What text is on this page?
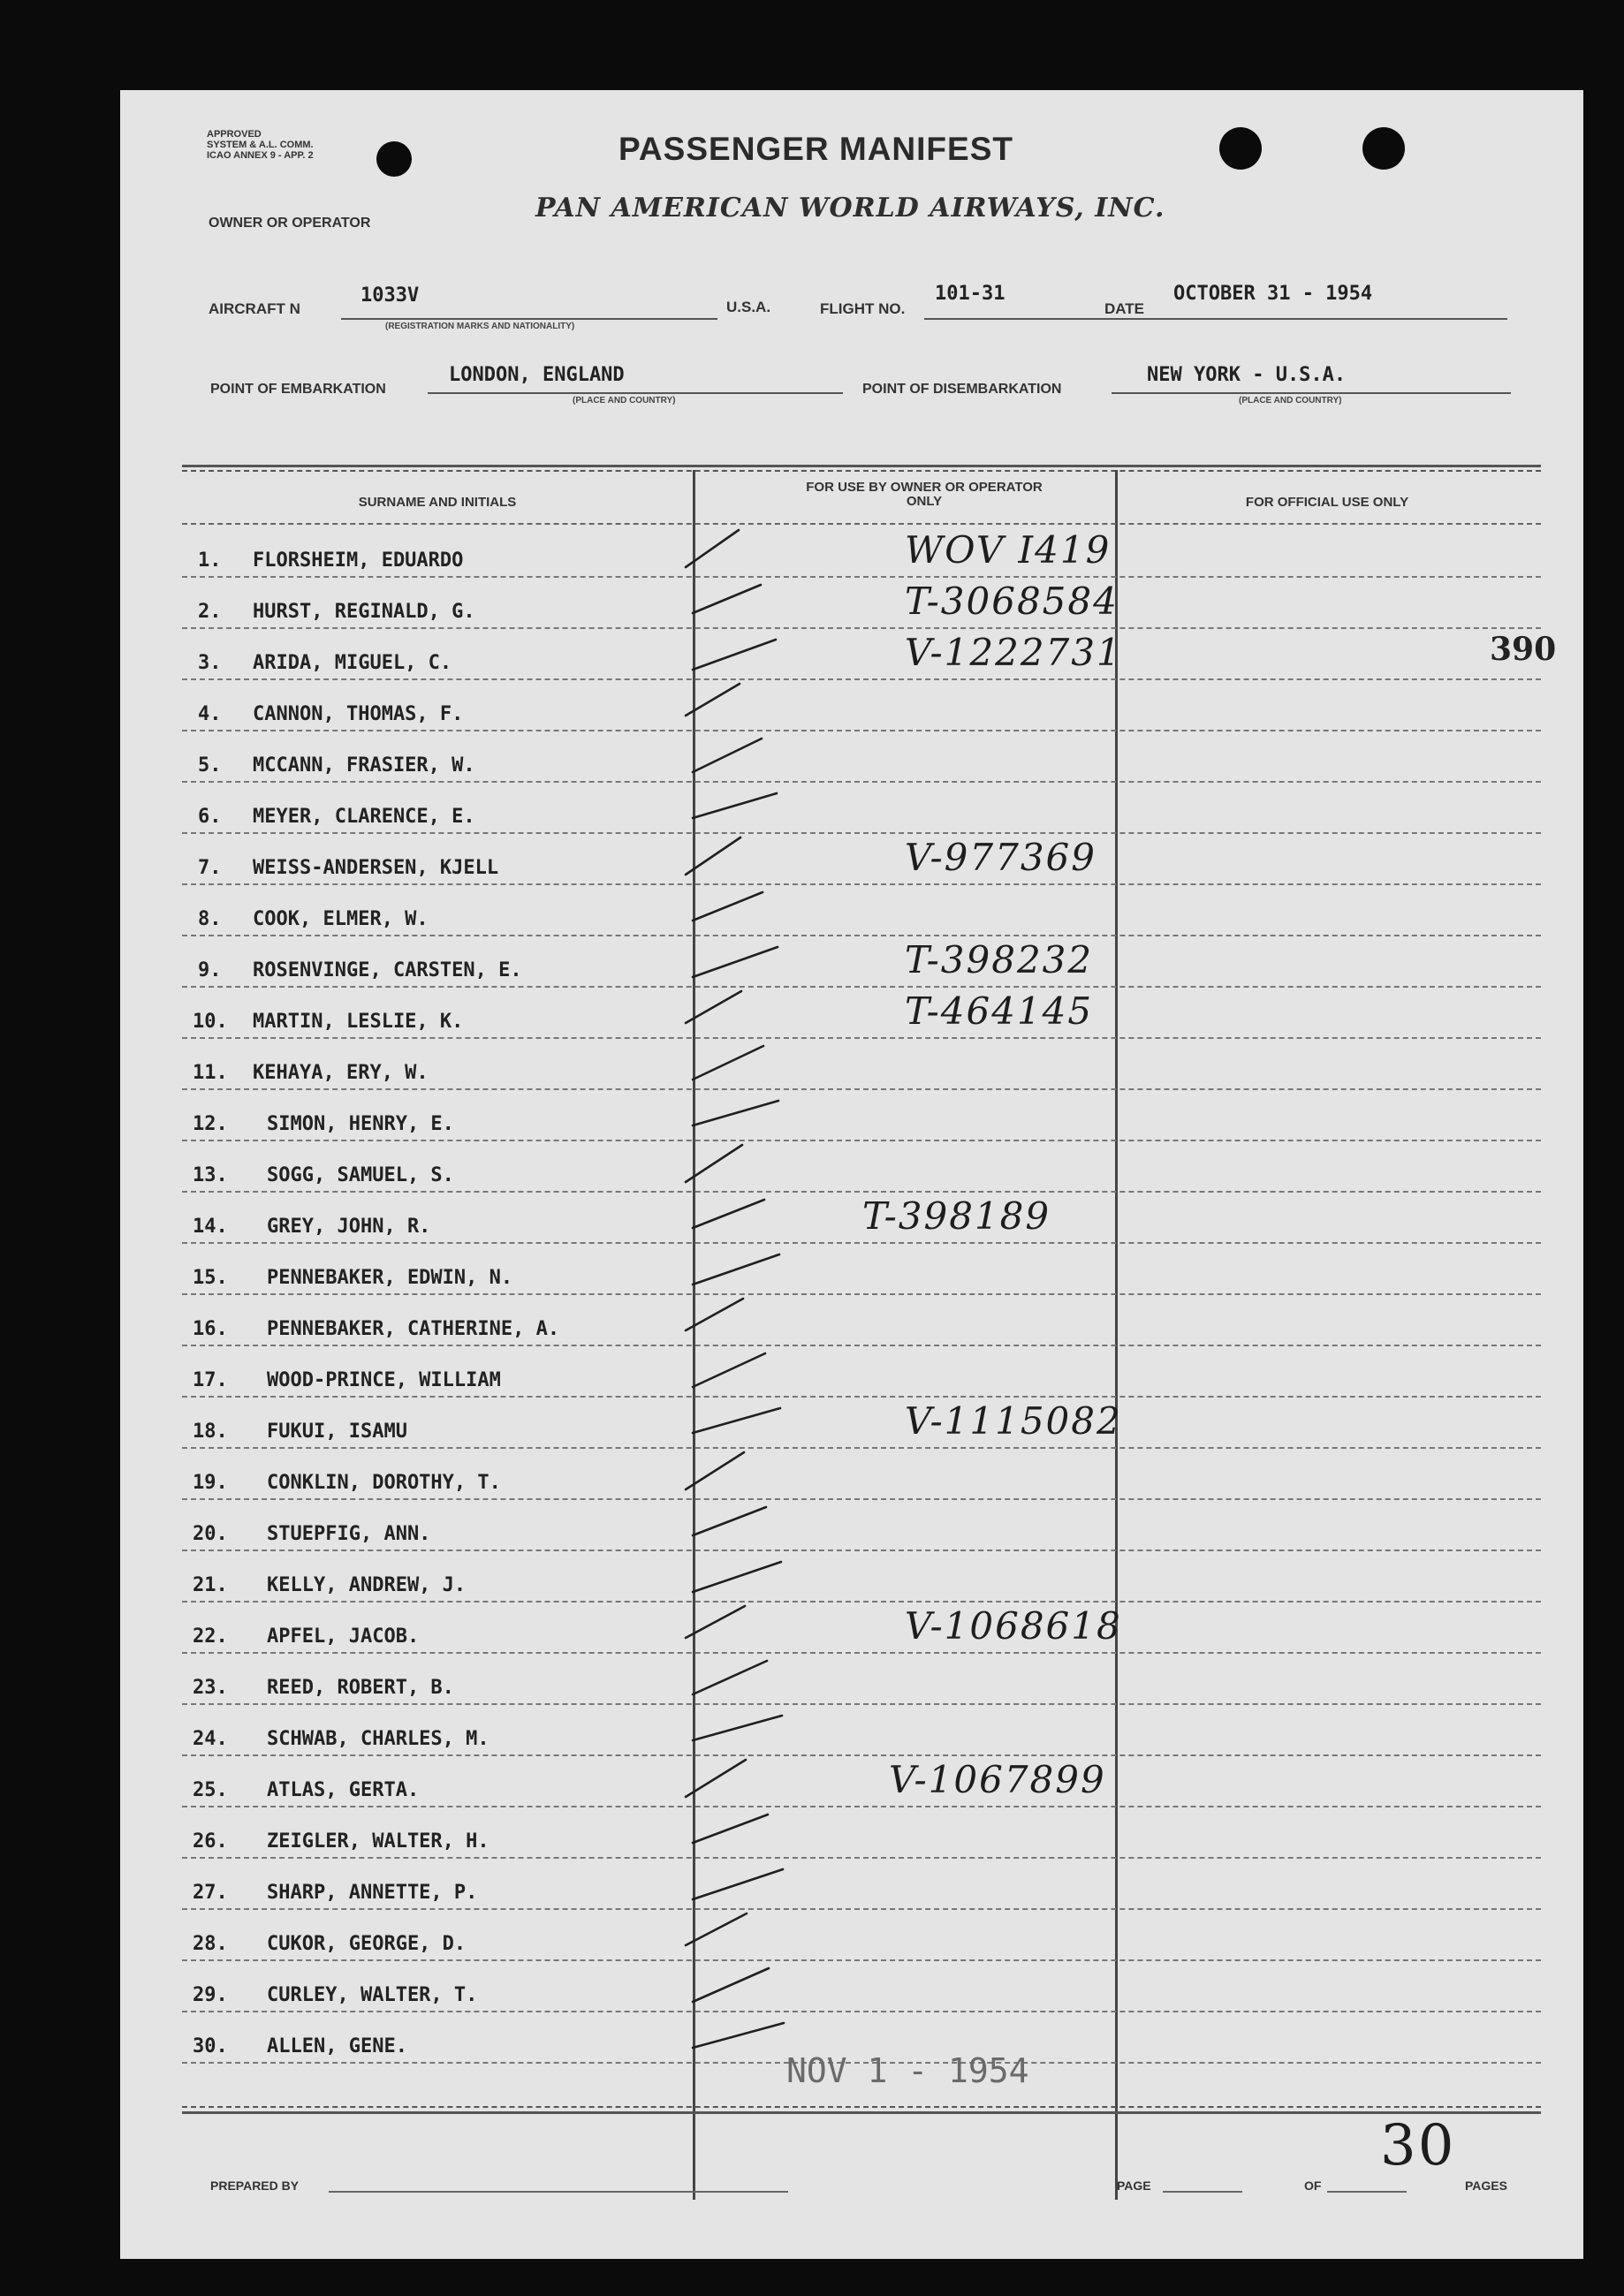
APPROVED
SYSTEM & A.L. COMM.
ICAO ANNEX 9 - APP. 2	PASSENGER MANIFEST
PAN AMERICAN WORLD AIRWAYS, INC.
OWNER OR OPERATOR
AIRCRAFT N
1033V
(REGISTRATION MARKS AND NATIONALITY)
U.S.A.	FLIGHT NO.
101-31
DATE
OCTOBER 31 - 1954
POINT OF EMBARKATION
LONDON, ENGLAND
(PLACE AND COUNTRY)
POINT OF DISEMBARKATION
NEW YORK - U.S.A.
(PLACE AND COUNTRY)
SURNAME AND INITIALS
FOR USE BY OWNER OR OPERATOR ONLY	FOR OFFICIAL USE ONLY
1. FLORSHEIM, EDUARDO	WOV I419
2. HURST, REGINALD, G.	T-3068584
3. ARIDA, MIGUEL, C.	V-1222731	390
4. CANNON, THOMAS, F.
5. MCCANN, FRASIER, W.
6. MEYER, CLARENCE, E.
7. WEISS-ANDERSEN, KJELL	V-977369
8. COOK, ELMER, W.
9. ROSENVINGE, CARSTEN, E.	T-398232
10. MARTIN, LESLIE, K.	T-464145
11. KEHAYA, ERY, W.
12. SIMON, HENRY, E.
13. SOGG, SAMUEL, S.
14. GREY, JOHN, R.	T-398189
15. PENNEBAKER, EDWIN, N.
16. PENNEBAKER, CATHERINE, A.
17. WOOD-PRINCE, WILLIAM
18. FUKUI, ISAMU	V-1115082
19. CONKLIN, DOROTHY, T.
20. STUEPFIG, ANN.
21. KELLY, ANDREW, J.
22. APFEL, JACOB.	V-1068618
23. REED, ROBERT, B.
24. SCHWAB, CHARLES, M.
25. ATLAS, GERTA.	V-1067899
26. ZEIGLER, WALTER, H.
27. SHARP, ANNETTE, P.
28. CUKOR, GEORGE, D.
29. CURLEY, WALTER, T.
30. ALLEN, GENE.
NOV 1 - 1954
PREPARED BY	PAGE	OF
30
PAGES
